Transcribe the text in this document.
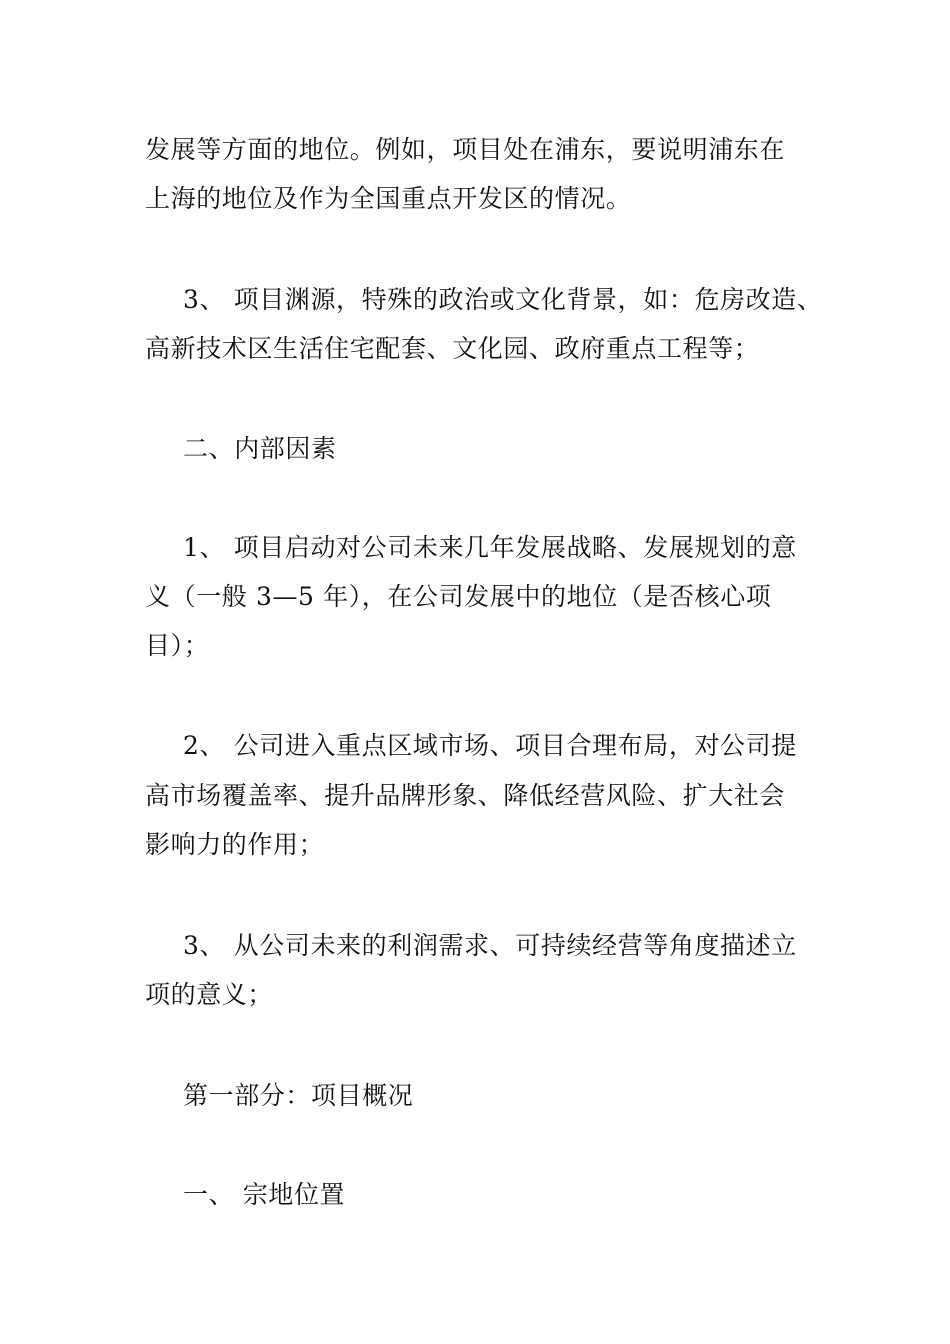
发展等方面的地位。例如，项目处在浦东，要说明浦东在
上海的地位及作为全国重点开发区的情况。
3、 项目渊源，特殊的政治或文化背景，如：危房改造、
高新技术区生活住宅配套、文化园、政府重点工程等；
二、内部因素
1、 项目启动对公司未来几年发展战略、发展规划的意
义（一般 3—5 年），在公司发展中的地位（是否核心项
目）；
2、 公司进入重点区域市场、项目合理布局，对公司提
高市场覆盖率、提升品牌形象、降低经营风险、扩大社会
影响力的作用；
3、 从公司未来的利润需求、可持续经营等角度描述立
项的意义；
第一部分：项目概况
一、 宗地位置
